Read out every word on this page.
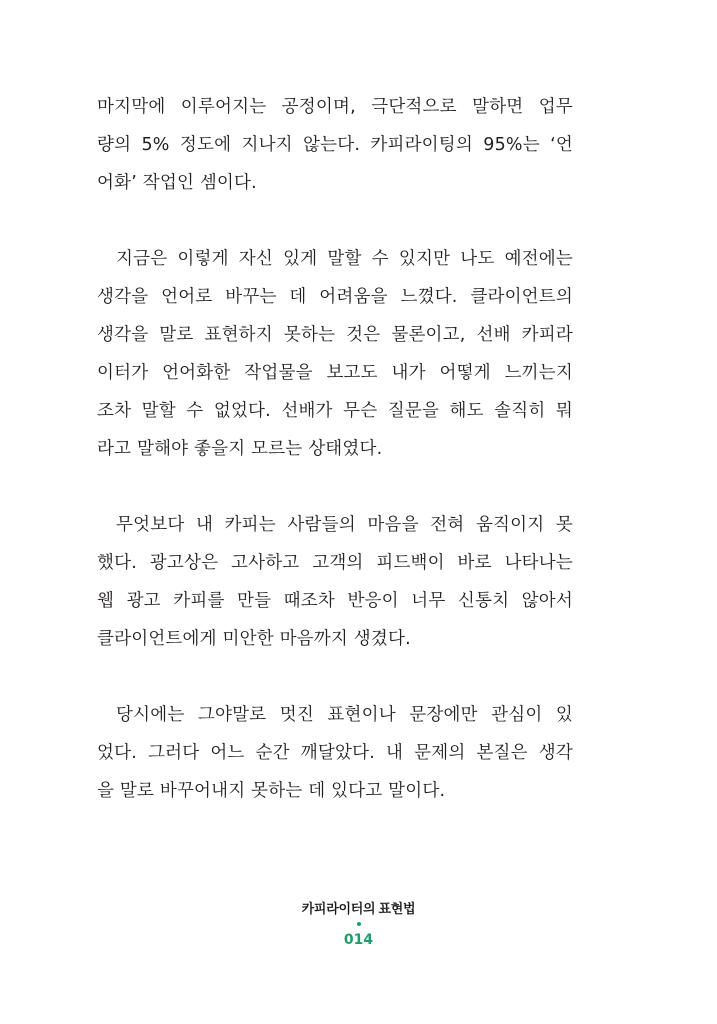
마지막에 이루어지는 공정이며, 극단적으로 말하면 업무
량의 5% 정도에 지나지 않는다. 카피라이팅의 95%는 ‘언
어화’ 작업인 셈이다.
지금은 이렇게 자신 있게 말할 수 있지만 나도 예전에는
생각을 언어로 바꾸는 데 어려움을 느꼈다. 클라이언트의
생각을 말로 표현하지 못하는 것은 물론이고, 선배 카피라
이터가 언어화한 작업물을 보고도 내가 어떻게 느끼는지
조차 말할 수 없었다. 선배가 무슨 질문을 해도 솔직히 뭐
라고 말해야 좋을지 모르는 상태였다.
무엇보다 내 카피는 사람들의 마음을 전혀 움직이지 못
했다. 광고상은 고사하고 고객의 피드백이 바로 나타나는
웹 광고 카피를 만들 때조차 반응이 너무 신통치 않아서
클라이언트에게 미안한 마음까지 생겼다.
당시에는 그야말로 멋진 표현이나 문장에만 관심이 있
었다. 그러다 어느 순간 깨달았다. 내 문제의 본질은 생각
을 말로 바꾸어내지 못하는 데 있다고 말이다.
카피라이터의 표현법
014
